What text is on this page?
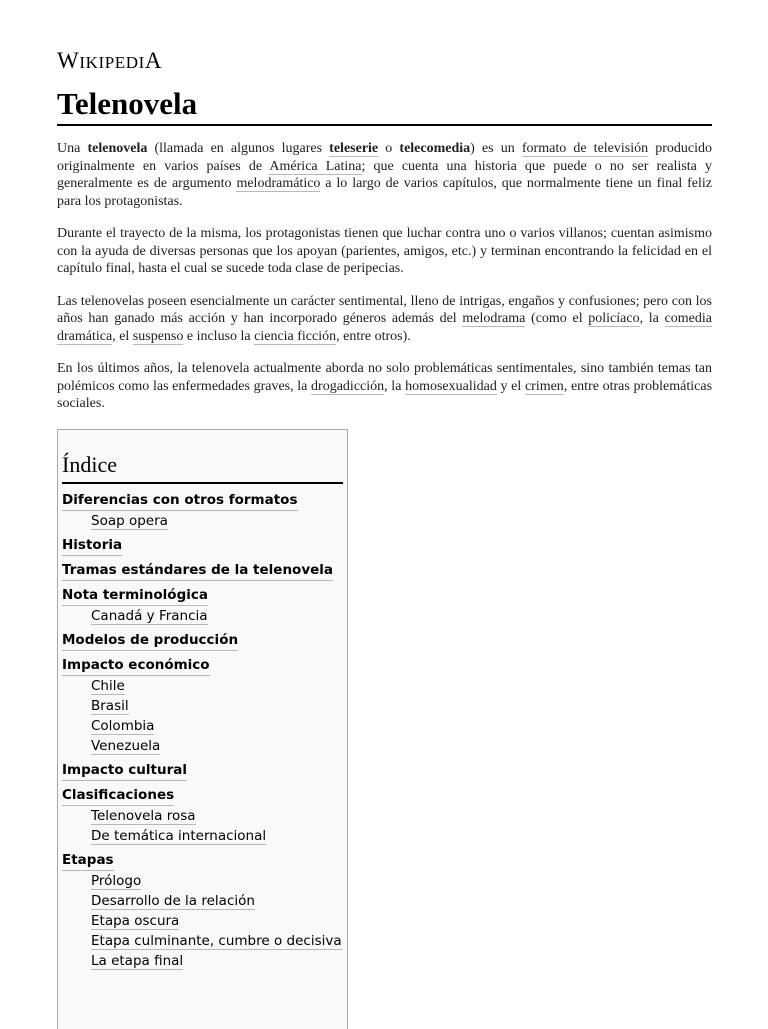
WIKIPEDIA
Telenovela

Una telenovela (llamada en algunos lugares teleserie o telecomedia) es un formato de televisión producido originalmente en varios países de América Latina; que cuenta una historia que puede o no ser realista y generalmente es de argumento melodramático a lo largo de varios capítulos, que normalmente tiene un final feliz para los protagonistas.

Durante el trayecto de la misma, los protagonistas tienen que luchar contra uno o varios villanos; cuentan asimismo con la ayuda de diversas personas que los apoyan (parientes, amigos, etc.) y terminan encontrando la felicidad en el capítulo final, hasta el cual se sucede toda clase de peripecias.

Las telenovelas poseen esencialmente un carácter sentimental, lleno de intrigas, engaños y confusiones; pero con los años han ganado más acción y han incorporado géneros además del melodrama (como el policíaco, la comedia dramática, el suspenso e incluso la ciencia ficción, entre otros).

En los últimos años, la telenovela actualmente aborda no solo problemáticas sentimentales, sino también temas tan polémicos como las enfermedades graves, la drogadicción, la homosexualidad y el crimen, entre otras problemáticas sociales.

Índice
Diferencias con otros formatos
Soap opera
Historia
Tramas estándares de la telenovela
Nota terminológica
Canadá y Francia
Modelos de producción
Impacto económico
Chile
Brasil
Colombia
Venezuela
Impacto cultural
Clasificaciones
Telenovela rosa
De temática internacional
Etapas
Prólogo
Desarrollo de la relación
Etapa oscura
Etapa culminante, cumbre o decisiva
La etapa final
